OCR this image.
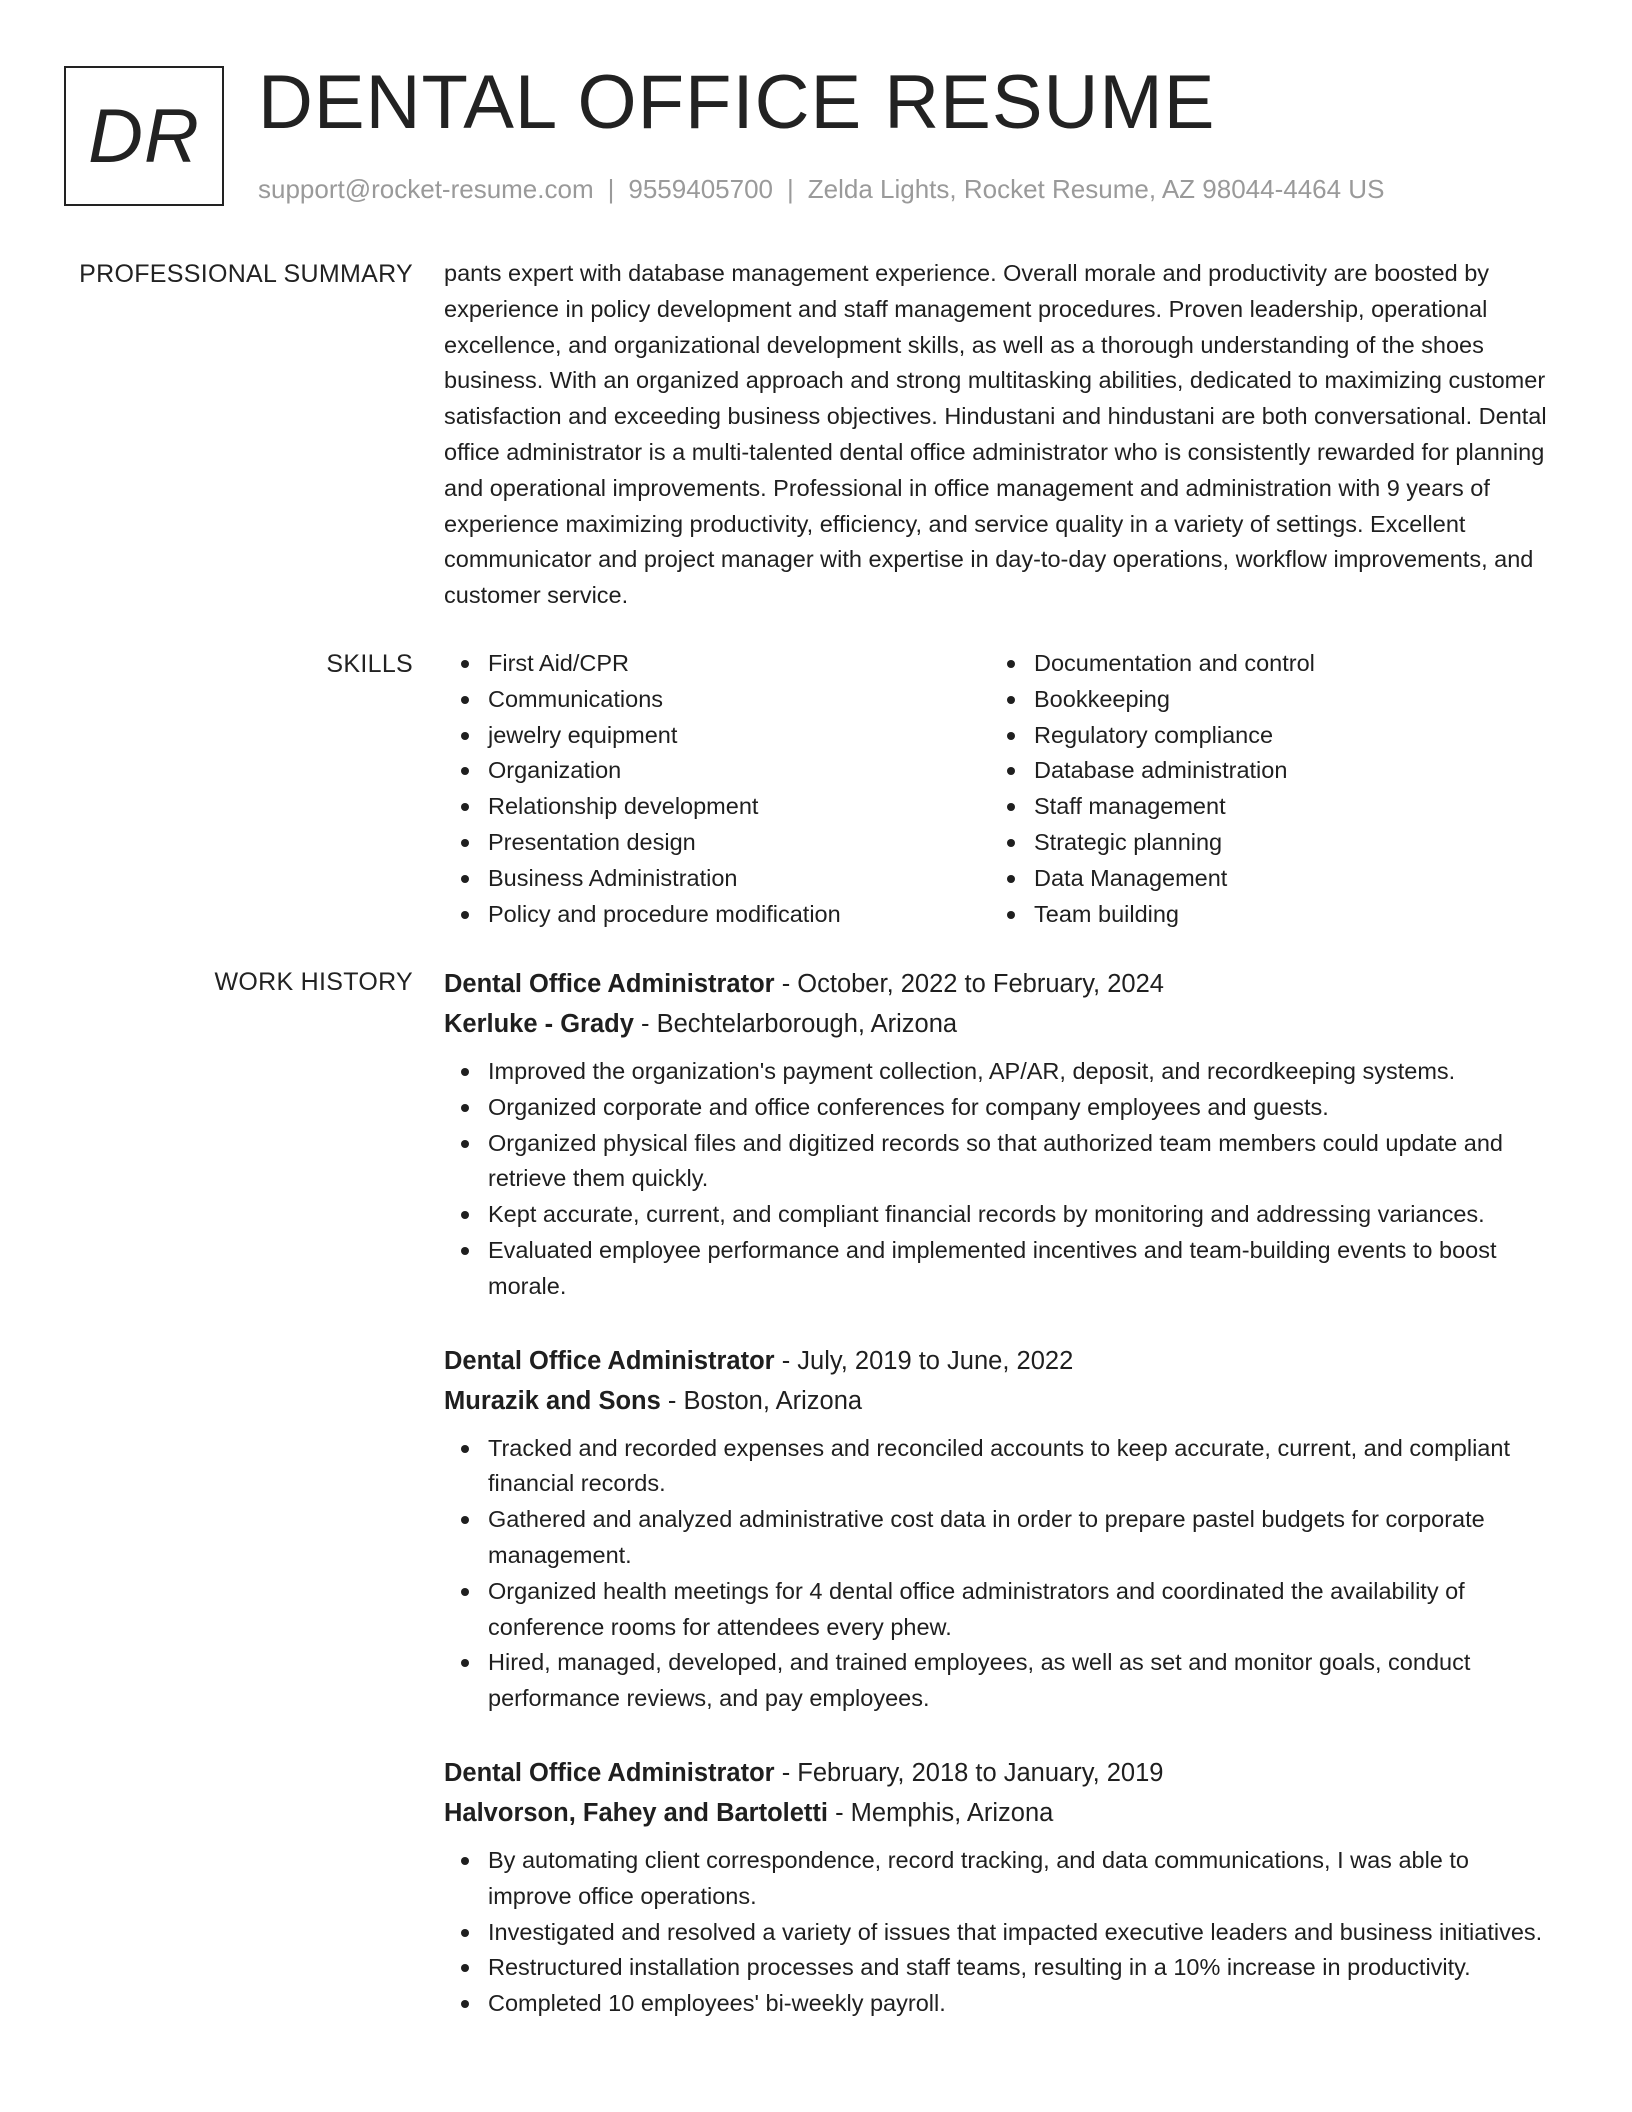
DR DENTAL OFFICE RESUME
support@rocket-resume.com | 9559405700 | Zelda Lights, Rocket Resume, AZ 98044-4464 US
PROFESSIONAL SUMMARY pants expert with database management experience. Overall morale and productivity are boosted by experience in policy development and staff management procedures. Proven leadership, operational excellence, and organizational development skills, as well as a thorough understanding of the shoes business. With an organized approach and strong multitasking abilities, dedicated to maximizing customer satisfaction and exceeding business objectives. Hindustani and hindustani are both conversational. Dental office administrator is a multi-talented dental office administrator who is consistently rewarded for planning and operational improvements. Professional in office management and administration with 9 years of experience maximizing productivity, efficiency, and service quality in a variety of settings. Excellent communicator and project manager with expertise in day-to-day operations, workflow improvements, and customer service.

SKILLS	First Aid/CPR
Communications
jewelry equipment
Organization
Relationship development
Presentation design
Business Administration
Policy and procedure modification
Documentation and control
Bookkeeping
Regulatory compliance
Database administration
Staff management
Strategic planning
Data Management
Team building
WORK HISTORY Dental Office Administrator - October, 2022 to February, 2024

Kerluke - Grady - Bechtelarborough, Arizona

Improved the organization's payment collection, AP/AR, deposit, and recordkeeping systems.
Organized corporate and office conferences for company employees and guests.
Organized physical files and digitized records so that authorized team members could update and retrieve them quickly.
Kept accurate, current, and compliant financial records by monitoring and addressing variances.
Evaluated employee performance and implemented incentives and team-building events to boost morale.

Dental Office Administrator - July, 2019 to June, 2022

Murazik and Sons - Boston, Arizona

Tracked and recorded expenses and reconciled accounts to keep accurate, current, and compliant financial records.
Gathered and analyzed administrative cost data in order to prepare pastel budgets for corporate management.
Organized health meetings for 4 dental office administrators and coordinated the availability of conference rooms for attendees every phew.
Hired, managed, developed, and trained employees, as well as set and monitor goals, conduct performance reviews, and pay employees.

Dental Office Administrator - February, 2018 to January, 2019

Halvorson, Fahey and Bartoletti - Memphis, Arizona

By automating client correspondence, record tracking, and data communications, I was able to improve office operations.
Investigated and resolved a variety of issues that impacted executive leaders and business initiatives.
Restructured installation processes and staff teams, resulting in a 10% increase in productivity.
Completed 10 employees' bi-weekly payroll.
